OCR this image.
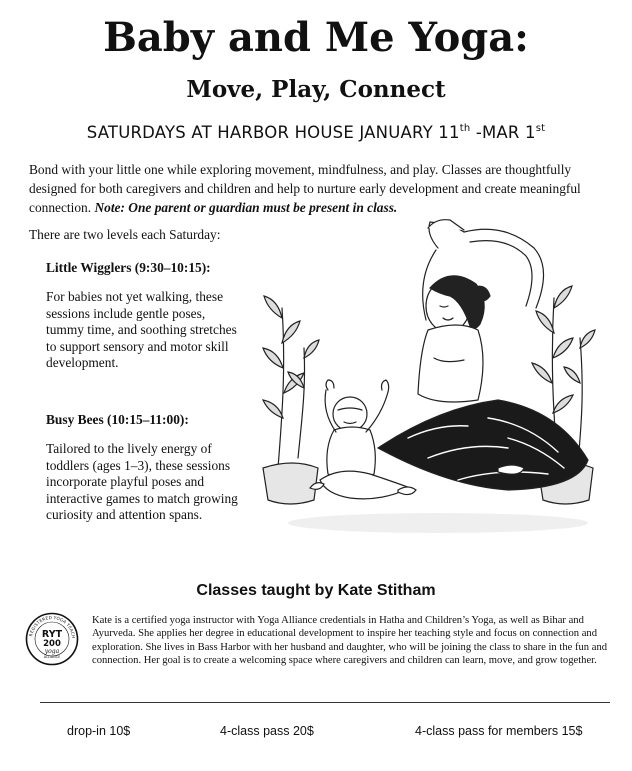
Baby and Me Yoga:
Move, Play, Connect
SATURDAYS AT HARBOR HOUSE JANUARY 11th -MAR 1st
Bond with your little one while exploring movement, mindfulness, and play. Classes are thoughtfully designed for both caregivers and children and help to nurture early development and create meaningful connection. Note: One parent or guardian must be present in class.
There are two levels each Saturday:
Little Wigglers (9:30–10:15):
For babies not yet walking, these sessions include gentle poses, tummy time, and soothing stretches to support sensory and motor skill development.
Busy Bees (10:15–11:00):
Tailored to the lively energy of toddlers (ages 1–3), these sessions incorporate playful poses and interactive games to match growing curiosity and attention spans.
Classes taught by Kate Stitham
REGISTERED YOGA TEACH
RYT
200
yoga
ALLIANCE
Kate is a certified yoga instructor with Yoga Alliance credentials in Hatha and Children’s Yoga, as well as Bihar and Ayurveda. She applies her degree in educational development to inspire her teaching style and focus on connection and exploration. She lives in Bass Harbor with her husband and daughter, who will be joining the class to share in the fun and connection. Her goal is to create a welcoming space where caregivers and children can learn, move, and grow together.
drop-in 10$	4-class pass 20$	4-class pass for members 15$
